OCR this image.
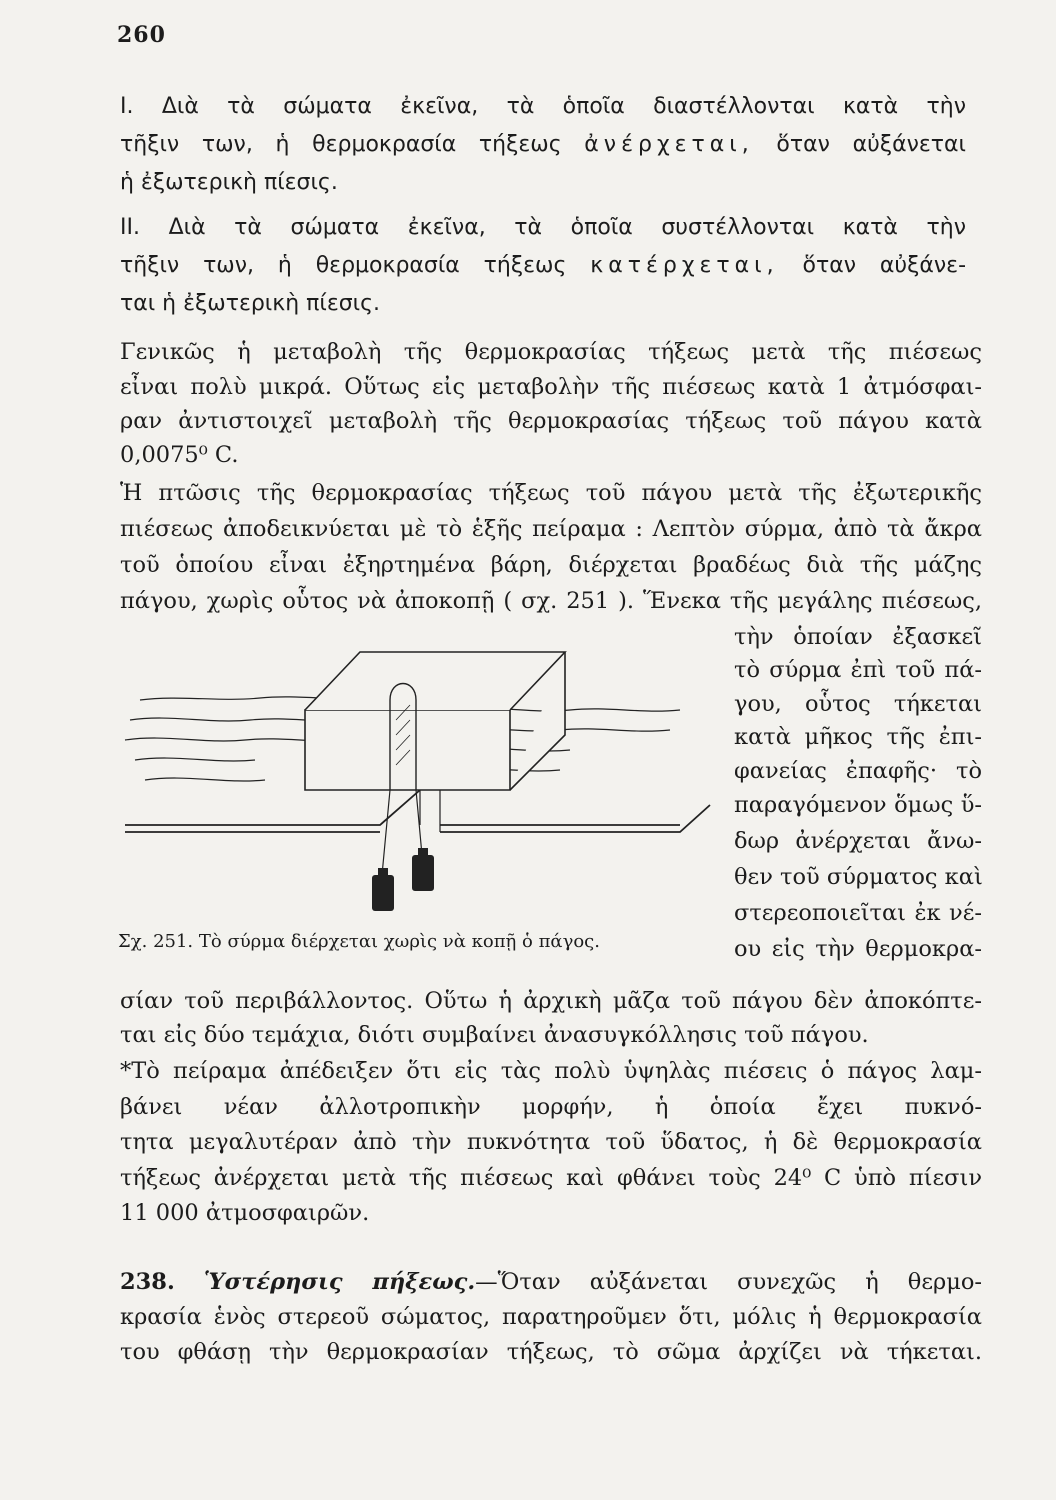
260
I. Διὰ τὰ σώματα ἐκεῖνα, τὰ ὁποῖα διαστέλλονται κατὰ τὴν
τῆξιν των, ἡ θερμοκρασία τήξεως ἀνέρχεται, ὅταν αὐξάνεται
ἡ ἐξωτερικὴ πίεσις.
II. Διὰ τὰ σώματα ἐκεῖνα, τὰ ὁποῖα συστέλλονται κατὰ τὴν
τῆξιν των, ἡ θερμοκρασία τήξεως κατέρχεται, ὅταν αὐξάνε-
ται ἡ ἐξωτερικὴ πίεσις.
Γενικῶς ἡ μεταβολὴ τῆς θερμοκρασίας τήξεως μετὰ τῆς πιέσεως
εἶναι πολὺ μικρά. Οὕτως εἰς μεταβολὴν τῆς πιέσεως κατὰ 1 ἀτμόσφαι-
ραν ἀντιστοιχεῖ μεταβολὴ τῆς θερμοκρασίας τήξεως τοῦ πάγου κατὰ
0,0075⁰ C.
Ἡ πτῶσις τῆς θερμοκρασίας τήξεως τοῦ πάγου μετὰ τῆς ἐξωτερικῆς
πιέσεως ἀποδεικνύεται μὲ τὸ ἑξῆς πείραμα : Λεπτὸν σύρμα, ἀπὸ τὰ ἄκρα
τοῦ ὁποίου εἶναι ἐξηρτημένα βάρη, διέρχεται βραδέως διὰ τῆς μάζης
πάγου, χωρὶς οὗτος νὰ ἀποκοπῇ ( σχ. 251 ). Ἕνεκα τῆς μεγάλης πιέσεως,
τὴν ὁποίαν ἐξασκεῖ
τὸ σύρμα ἐπὶ τοῦ πά-
γου, οὗτος τήκεται
κατὰ μῆκος τῆς ἐπι-
φανείας ἐπαφῆς· τὸ
παραγόμενον ὅμως ὕ-
δωρ ἀνέρχεται ἄνω-
θεν τοῦ σύρματος καὶ
στερεοποιεῖται ἐκ νέ-
ου εἰς τὴν θερμοκρα-
Σχ. 251. Τὸ σύρμα διέρχεται χωρὶς νὰ κοπῇ ὁ πάγος.
σίαν τοῦ περιβάλλοντος. Οὕτω ἡ ἀρχικὴ μᾶζα τοῦ πάγου δὲν ἀποκόπτε-
ται εἰς δύο τεμάχια, διότι συμβαίνει ἀνασυγκόλλησις τοῦ πάγου.
*Τὸ πείραμα ἀπέδειξεν ὅτι εἰς τὰς πολὺ ὑψηλὰς πιέσεις ὁ πάγος λαμ-
βάνει νέαν ἀλλοτροπικὴν μορφήν, ἡ ὁποία ἔχει πυκνό-
τητα μεγαλυτέραν ἀπὸ τὴν πυκνότητα τοῦ ὕδατος, ἡ δὲ θερμοκρασία
τήξεως ἀνέρχεται μετὰ τῆς πιέσεως καὶ φθάνει τοὺς 24⁰ C ὑπὸ πίεσιν
11 000 ἀτμοσφαιρῶν.
238. Ὑστέρησις πήξεως.—Ὅταν αὐξάνεται συνεχῶς ἡ θερμο-
κρασία ἑνὸς στερεοῦ σώματος, παρατηροῦμεν ὅτι, μόλις ἡ θερμοκρασία
του φθάσῃ τὴν θερμοκρασίαν τήξεως, τὸ σῶμα ἀρχίζει νὰ τήκεται.
